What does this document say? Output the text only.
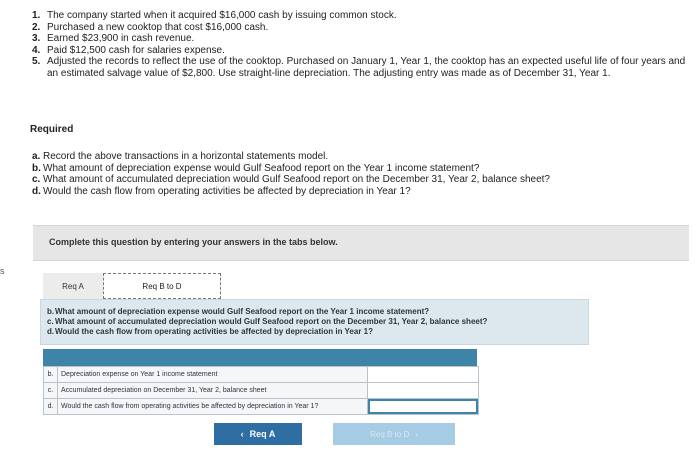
s
1. The company started when it acquired $16,000 cash by issuing common stock.
2. Purchased a new cooktop that cost $16,000 cash.
3. Earned $23,900 in cash revenue.
4. Paid $12,500 cash for salaries expense.
5. Adjusted the records to reflect the use of the cooktop. Purchased on January 1, Year 1, the cooktop has an expected useful life of four years and an estimated salvage value of $2,800. Use straight-line depreciation. The adjusting entry was made as of December 31, Year 1.
Required
a. Record the above transactions in a horizontal statements model.
b. What amount of depreciation expense would Gulf Seafood report on the Year 1 income statement?
c. What amount of accumulated depreciation would Gulf Seafood report on the December 31, Year 2, balance sheet?
d. Would the cash flow from operating activities be affected by depreciation in Year 1?
Complete this question by entering your answers in the tabs below.
Req A	Req B to D
b. What amount of depreciation expense would Gulf Seafood report on the Year 1 income statement?
c. What amount of accumulated depreciation would Gulf Seafood report on the December 31, Year 2, balance sheet?
d. Would the cash flow from operating activities be affected by depreciation in Year 1?
b.	Depreciation expense on Year 1 income statement	

c.	Accumulated depreciation on December 31, Year 2, balance sheet	

d.	Would the cash flow from operating activities be affected by depreciation in Year 1?	
‹ Req A	Req B to D ›
